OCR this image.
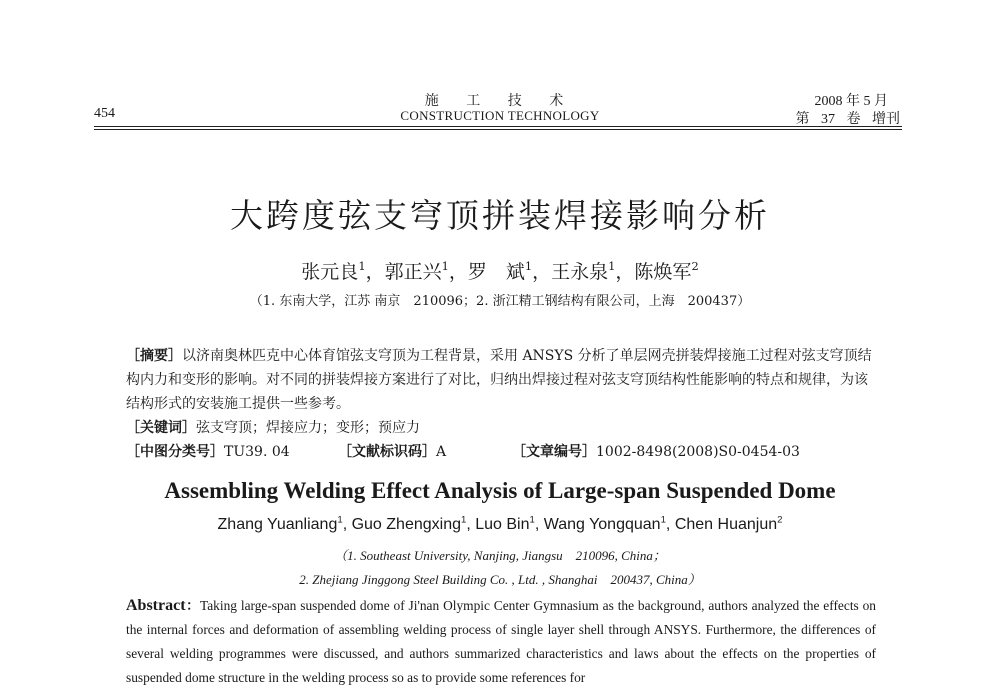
454
施 工 技 术
CONSTRUCTION TECHNOLOGY
2008 年 5 月
第 37 卷 增刊
大跨度弦支穹顶拼装焊接影响分析
张元良$^1$，郭正兴$^1$，罗　斌$^1$，王永泉$^1$，陈焕军$^2$
（1. 东南大学，江苏 南京　210096；2. 浙江精工钢结构有限公司，上海　200437）
［摘要］以济南奥林匹克中心体育馆弦支穹顶为工程背景，采用 ANSYS 分析了单层网壳拼装焊接施工过程对弦支穹顶结构内力和变形的影响。对不同的拼装焊接方案进行了对比，归纳出焊接过程对弦支穹顶结构性能影响的特点和规律，为该结构形式的安装施工提供一些参考。
［关键词］弦支穹顶；焊接应力；变形；预应力
［中图分类号］TU39. 04	［文献标识码］A	［文章编号］1002-8498(2008)S0-0454-03
Assembling Welding Effect Analysis of Large-span Suspended Dome
Zhang Yuanliang$^1$, Guo Zhengxing$^1$, Luo Bin$^1$, Wang Yongquan$^1$, Chen Huanjun$^2$
（1. Southeast University, Nanjing, Jiangsu　210096, China；
2. Zhejiang Jinggong Steel Building Co. , Ltd. , Shanghai　200437, China）
Abstract：Taking large-span suspended dome of Ji'nan Olympic Center Gymnasium as the background, authors analyzed the effects on the internal forces and deformation of assembling welding process of single layer shell through ANSYS. Furthermore, the differences of several welding programmes were discussed, and authors summarized characteristics and laws about the effects on the properties of suspended dome structure in the welding process so as to provide some references for
